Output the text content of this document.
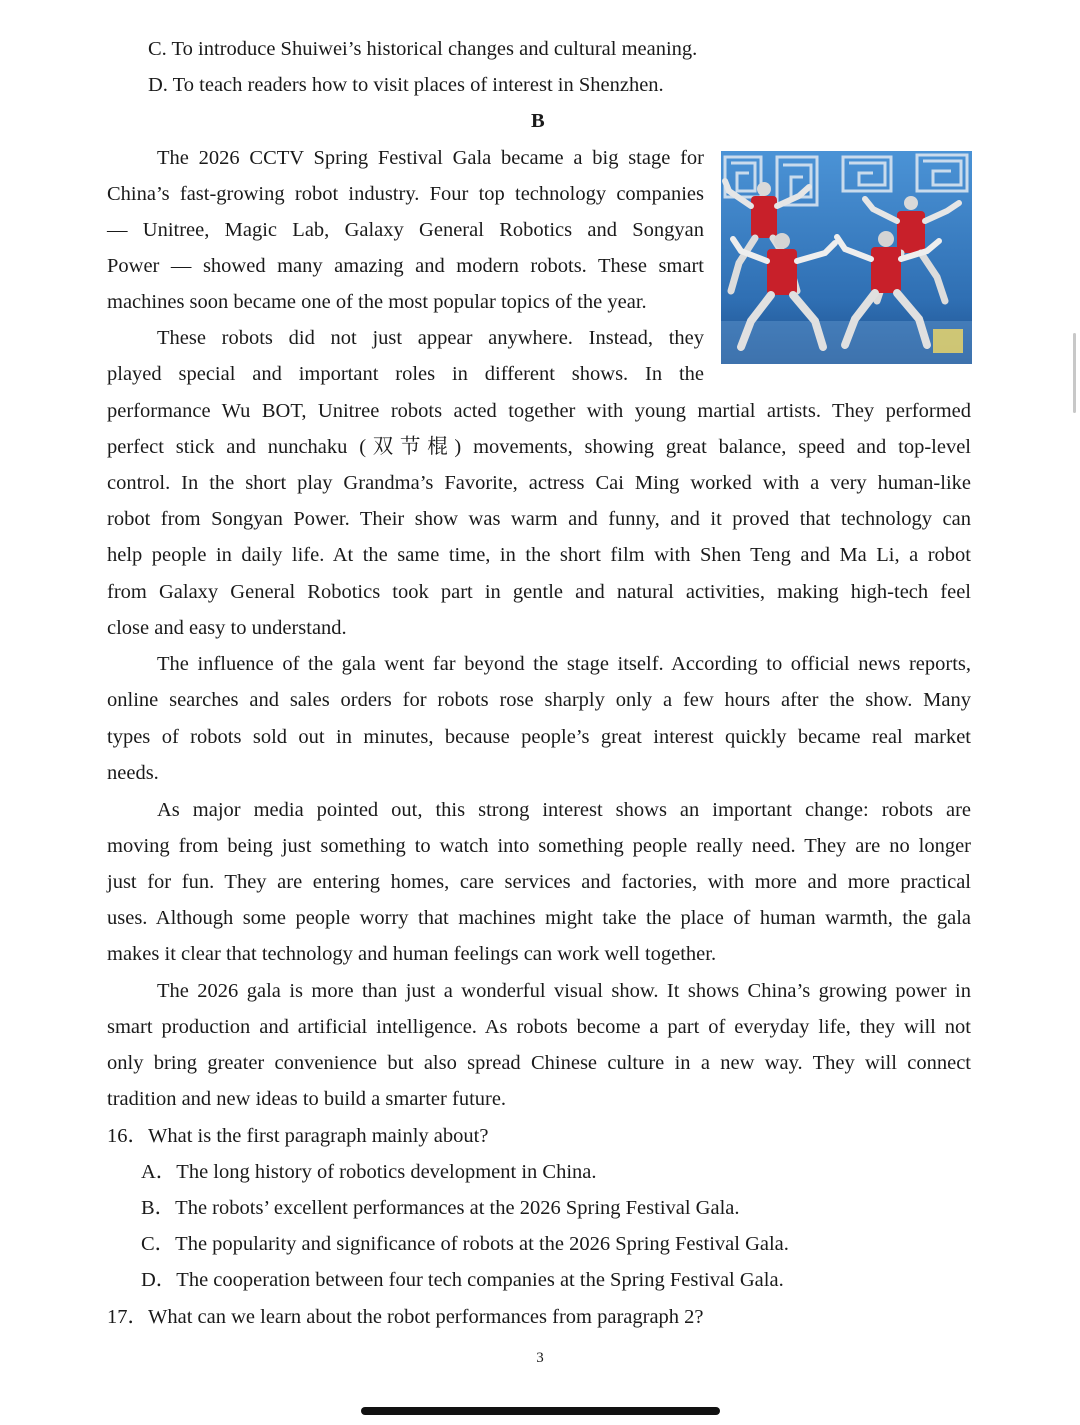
C. To introduce Shuiwei’s historical changes and cultural meaning.
D. To teach readers how to visit places of interest in Shenzhen.
B
The 2026 CCTV Spring Festival Gala became a big stage for
China’s fast-growing robot industry. Four top technology companies
— Unitree, Magic Lab, Galaxy General Robotics and Songyan
Power — showed many amazing and modern robots. These smart
machines soon became one of the most popular topics of the year.
These robots did not just appear anywhere. Instead, they
played special and important roles in different shows. In the
performance Wu BOT, Unitree robots acted together with young martial artists. They performed
perfect stick and nunchaku (双节棍) movements, showing great balance, speed and top-level
control. In the short play Grandma’s Favorite, actress Cai Ming worked with a very human-like
robot from Songyan Power. Their show was warm and funny, and it proved that technology can
help people in daily life. At the same time, in the short film with Shen Teng and Ma Li, a robot
from Galaxy General Robotics took part in gentle and natural activities, making high-tech feel
close and easy to understand.
The influence of the gala went far beyond the stage itself. According to official news reports,
online searches and sales orders for robots rose sharply only a few hours after the show. Many
types of robots sold out in minutes, because people’s great interest quickly became real market
needs.
As major media pointed out, this strong interest shows an important change: robots are
moving from being just something to watch into something people really need. They are no longer
just for fun. They are entering homes, care services and factories, with more and more practical
uses. Although some people worry that machines might take the place of human warmth, the gala
makes it clear that technology and human feelings can work well together.
The 2026 gala is more than just a wonderful visual show. It shows China’s growing power in
smart production and artificial intelligence. As robots become a part of everyday life, they will not
only bring greater convenience but also spread Chinese culture in a new way. They will connect
tradition and new ideas to build a smarter future.
16．What is the first paragraph mainly about?
A．The long history of robotics development in China.
B．The robots’ excellent performances at the 2026 Spring Festival Gala.
C．The popularity and significance of robots at the 2026 Spring Festival Gala.
D．The cooperation between four tech companies at the Spring Festival Gala.
17．What can we learn about the robot performances from paragraph 2?
3
